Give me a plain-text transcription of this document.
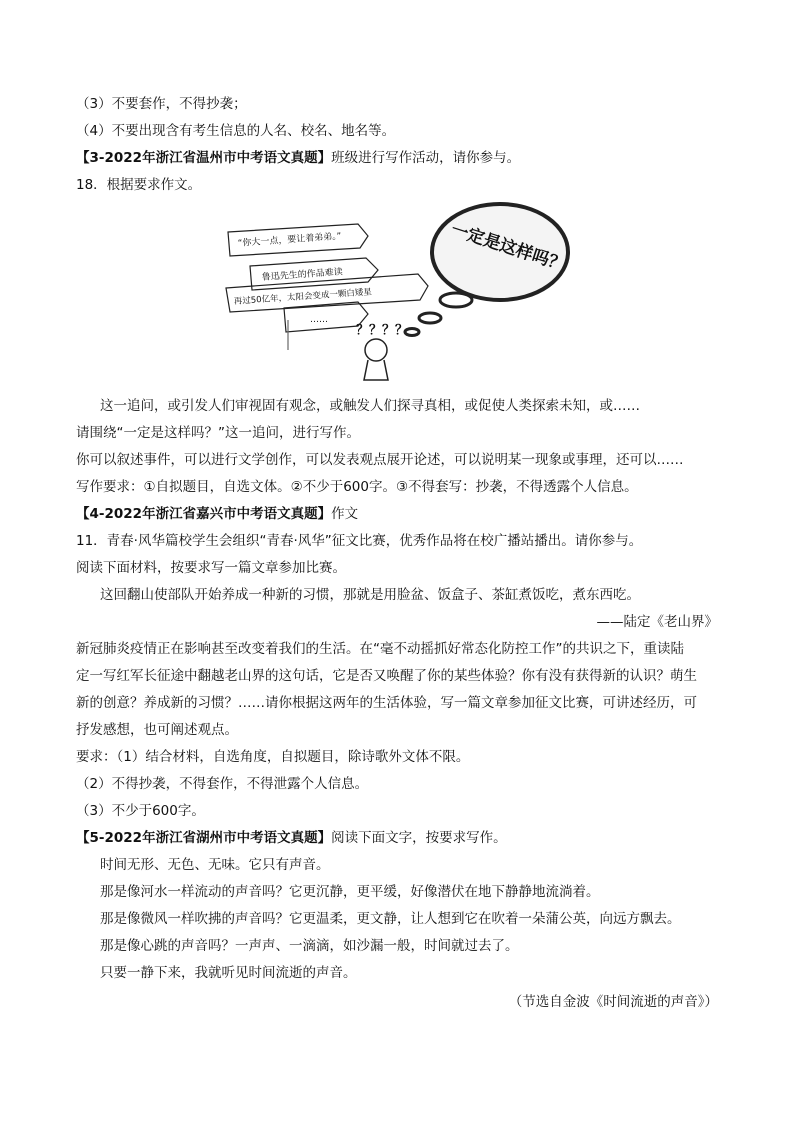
（3）不要套作，不得抄袭；
（4）不要出现含有考生信息的人名、校名、地名等。
【3-2022年浙江省温州市中考语文真题】班级进行写作活动，请你参与。
18．根据要求作文。
“你大一点，要让着弟弟。”
鲁迅先生的作品难读
再过50亿年，太阳会变成一颗白矮星
……
一定是这样吗？
？？？？
这一追问，或引发人们审视固有观念，或触发人们探寻真相，或促使人类探索未知，或……
请围绕“一定是这样吗？”这一追问，进行写作。
你可以叙述事件，可以进行文学创作，可以发表观点展开论述，可以说明某一现象或事理，还可以……
写作要求：①自拟题目，自选文体。②不少于600字。③不得套写：抄袭，不得透露个人信息。
【4-2022年浙江省嘉兴市中考语文真题】作文
11．青春·风华篇校学生会组织“青春·风华”征文比赛，优秀作品将在校广播站播出。请你参与。
阅读下面材料，按要求写一篇文章参加比赛。
这回翻山使部队开始养成一种新的习惯，那就是用脸盆、饭盒子、茶缸煮饭吃，煮东西吃。
——陆定《老山界》
新冠肺炎疫情正在影响甚至改变着我们的生活。在“毫不动摇抓好常态化防控工作”的共识之下，重读陆
定一写红军长征途中翻越老山界的这句话，它是否又唤醒了你的某些体验？你有没有获得新的认识？萌生
新的创意？养成新的习惯？……请你根据这两年的生活体验，写一篇文章参加征文比赛，可讲述经历，可
抒发感想，也可阐述观点。
要求：（1）结合材料，自选角度，自拟题目，除诗歌外文体不限。
（2）不得抄袭，不得套作，不得泄露个人信息。
（3）不少于600字。
【5-2022年浙江省湖州市中考语文真题】阅读下面文字，按要求写作。
时间无形、无色、无味。它只有声音。
那是像河水一样流动的声音吗？它更沉静，更平缓，好像潜伏在地下静静地流淌着。
那是像微风一样吹拂的声音吗？它更温柔，更文静，让人想到它在吹着一朵蒲公英，向远方飘去。
那是像心跳的声音吗？一声声、一滴滴，如沙漏一般，时间就过去了。
只要一静下来，我就听见时间流逝的声音。
（节选自金波《时间流逝的声音》）
